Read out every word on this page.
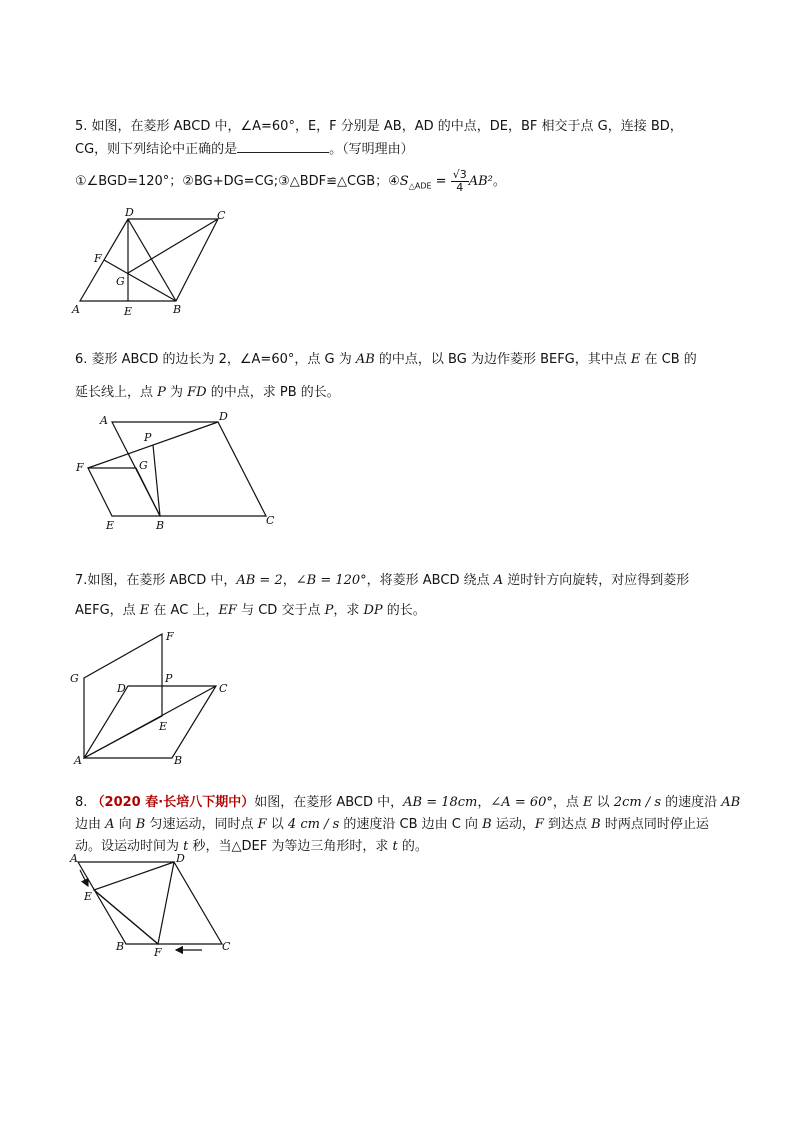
5. 如图，在菱形 ABCD 中，∠A=60°，E，F 分别是 AB，AD 的中点，DE，BF 相交于点 G，连接 BD，
CG，则下列结论中正确的是	。（写明理由）
①∠BGD=120°；②BG+DG=CG;③△BDF≌△CGB；$④S_{\triangle ADE} = \frac{√3}{4} AB^2$。
D	C
F
G
A	E	B
6. 菱形 ABCD 的边长为 2，∠A=60°，点 G 为 AB 的中点，以 BG 为边作菱形 BEFG，其中点 E 在 CB 的
延长线上，点 P 为 FD 的中点，求 PB 的长。
A	D
P
F	G
E	B	C
7.如图，在菱形 ABCD 中，AB = 2，∠B = 120°，将菱形 ABCD 绕点 A 逆时针方向旋转，对应得到菱形
AEFG，点 E 在 AC 上，EF 与 CD 交于点 P，求 DP 的长。
F
G
D
P
C
E
A	B
8. （2020 春·长培八下期中）如图，在菱形 ABCD 中，AB = 18cm，∠A = 60°，点 E 以 2cm / s 的速度沿 AB
边由 A 向 B 匀速运动，同时点 F 以 4 cm / s 的速度沿 CB 边由 C 向 B 运动，F 到达点 B 时两点同时停止运
动。设运动时间为 t 秒，当△DEF 为等边三角形时，求 t 的。
A	D
E
B	F	C
